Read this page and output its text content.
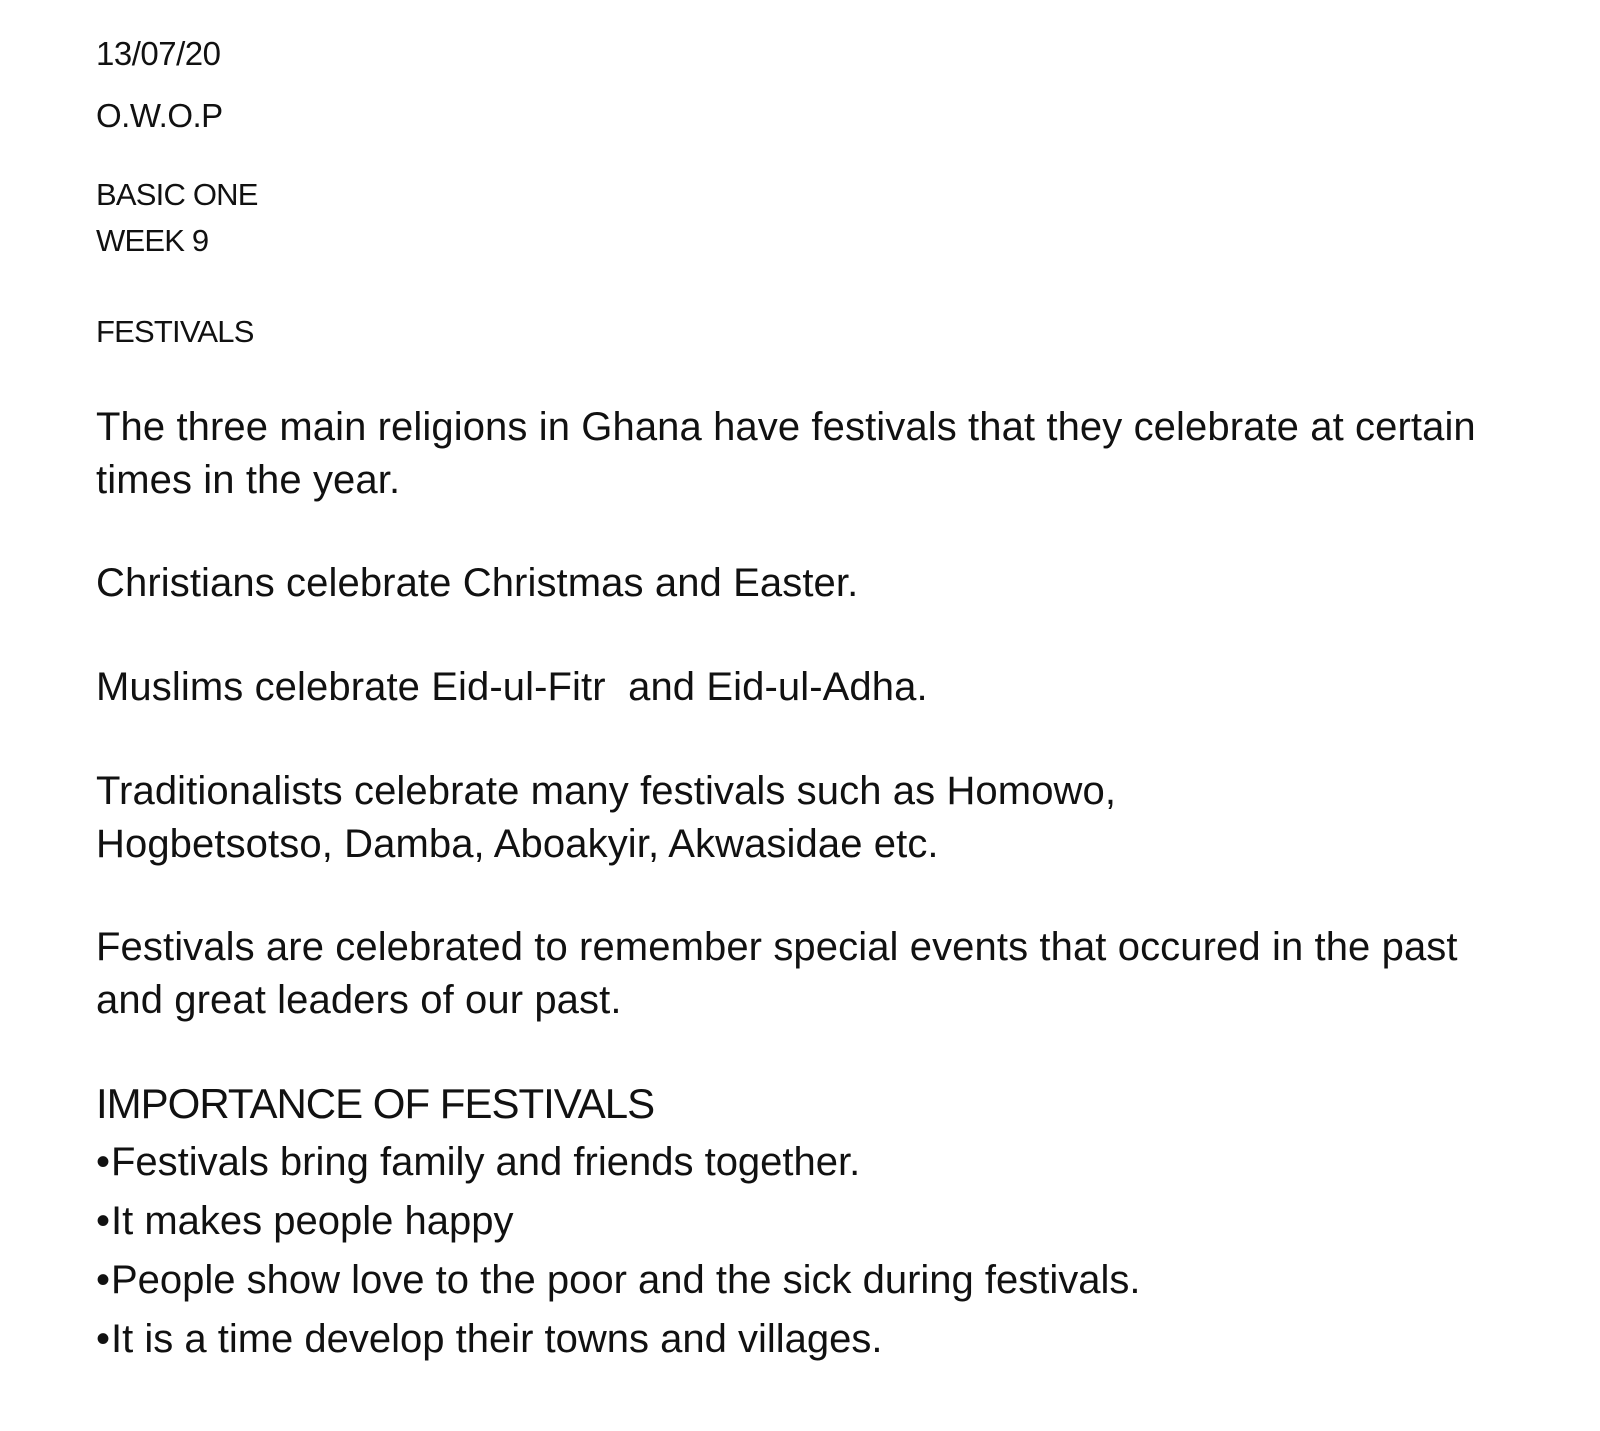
13/07/20

O.W.O.P

BASIC ONE

WEEK 9

FESTIVALS

The three main religions in Ghana have festivals that they celebrate at certain times in the year.

Christians celebrate Christmas and Easter.

Muslims celebrate Eid-ul-Fitr  and Eid-ul-Adha.

Traditionalists celebrate many festivals such as Homowo, Hogbetsotso, Damba, Aboakyir, Akwasidae etc.

Festivals are celebrated to remember special events that occured in the past and great leaders of our past.

IMPORTANCE OF FESTIVALS

•Festivals bring family and friends together.

•It makes people happy

•People show love to the poor and the sick during festivals.

•It is a time develop their towns and villages.
